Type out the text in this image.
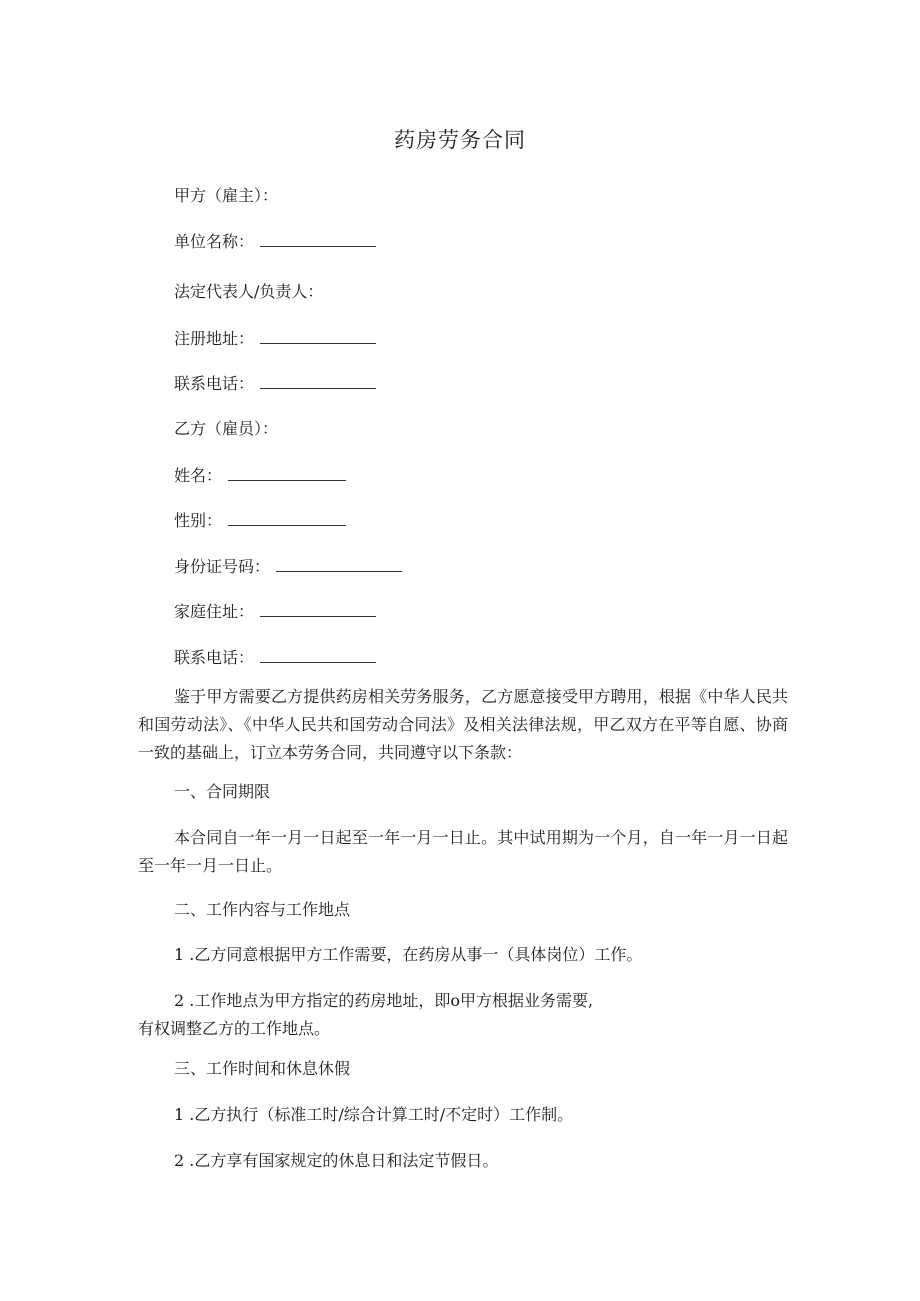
药房劳务合同
甲方（雇主）：
单位名称：
法定代表人/负责人：
注册地址：
联系电话：
乙方（雇员）：
姓名：
性别：
身份证号码：
家庭住址：
联系电话：

鉴于甲方需要乙方提供药房相关劳务服务，乙方愿意接受甲方聘用，根据《中华人民共和国劳动法》、《中华人民共和国劳动合同法》及相关法律法规，甲乙双方在平等自愿、协商一致的基础上，订立本劳务合同，共同遵守以下条款：

一、合同期限

本合同自一年一月一日起至一年一月一日止。其中试用期为一个月，自一年一月一日起至一年一月一日止。

二、工作内容与工作地点
1 .乙方同意根据甲方工作需要，在药房从事一（具体岗位）工作。
2 .工作地点为甲方指定的药房地址，即o甲方根据业务需要,
有权调整乙方的工作地点。
三、工作时间和休息休假
1 .乙方执行（标准工时/综合计算工时/不定时）工作制。
2 .乙方享有国家规定的休息日和法定节假日。
